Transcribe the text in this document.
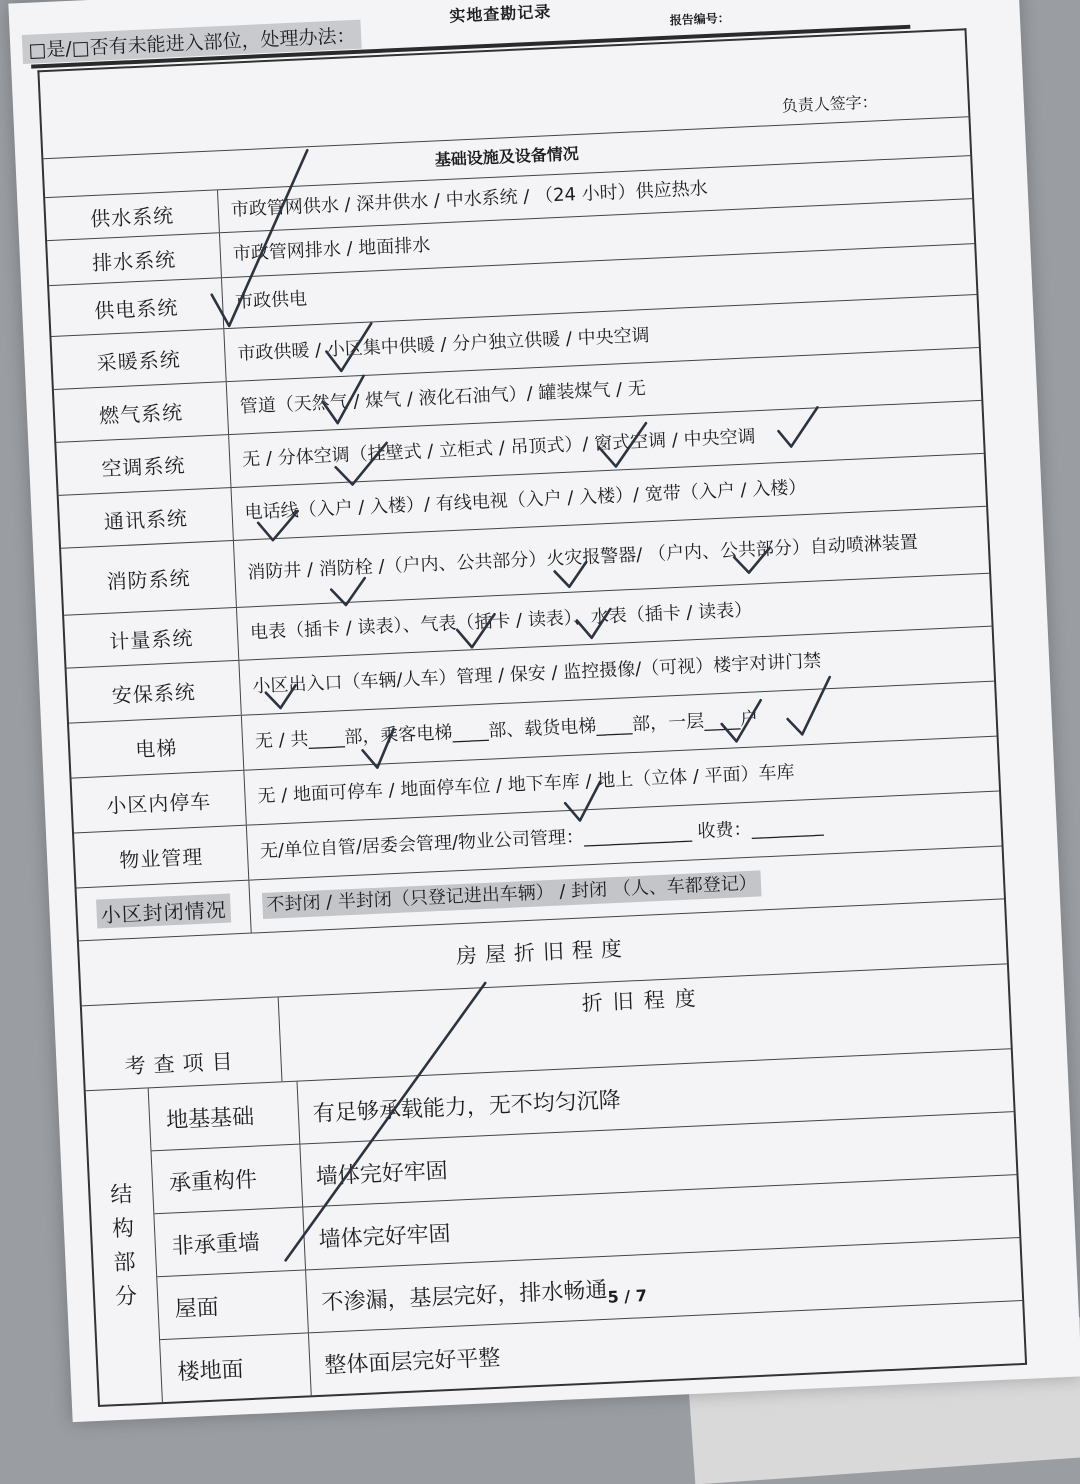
实地查勘记录	报告编号：
□是/□否有未能进入部位，处理办法：
负责人签字：
基础设施及设备情况
供水系统	市政管网供水 / 深井供水 / 中水系统 / （24 小时）供应热水
排水系统	市政管网排水 / 地面排水
供电系统	市政供电
采暖系统	市政供暖 / 小区集中供暖 / 分户独立供暖 / 中央空调
燃气系统	管道（天然气 / 煤气 / 液化石油气）/ 罐装煤气 / 无
空调系统	无 / 分体空调（挂壁式 / 立柜式 / 吊顶式）/ 窗式空调 / 中央空调
通讯系统	电话线（入户 / 入楼）/ 有线电视（入户 / 入楼）/ 宽带（入户 / 入楼）
消防系统	消防井 / 消防栓 /（户内、公共部分）火灾报警器/ （户内、公共部分）自动喷淋装置
计量系统	电表（插卡 / 读表）、气表（插卡 / 读表）、水表（插卡 / 读表）
安保系统	小区出入口（车辆/人车）管理 / 保安 / 监控摄像/（可视）楼宇对讲门禁
电梯	无 / 共____部，乘客电梯____部、载货电梯____部，一层____户
小区内停车	无 / 地面可停车 / 地面停车位 / 地下车库 / 地上（立体 / 平面）车库
物业管理	无/单位自管/居委会管理/物业公司管理：____________ 收费：________
小区封闭情况 不封闭 / 半封闭（只登记进出车辆） / 封闭 （人、车都登记）
房屋折旧程度
考查项目
折旧程度
结构部分
地基基础	有足够承载能力，无不均匀沉降
承重构件	墙体完好牢固
非承重墙	墙体完好牢固
屋面	不渗漏，基层完好，排水畅通
楼地面	整体面层完好平整
5 / 7
